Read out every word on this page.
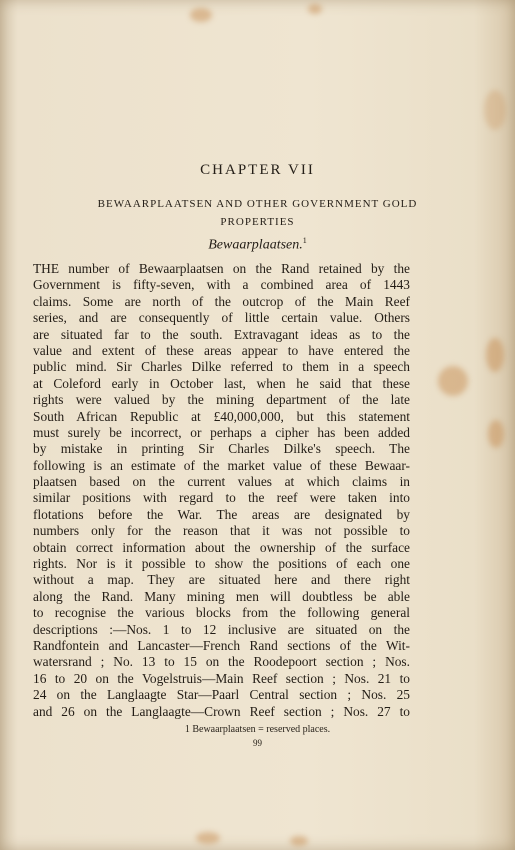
CHAPTER VII
BEWAARPLAATSEN AND OTHER GOVERNMENT GOLD
PROPERTIES
Bewaarplaatsen.$^1$
THE number of Bewaarplaatsen on the Rand retained by the
Government is fifty-seven, with a combined area of 1443
claims. Some are north of the outcrop of the Main Reef
series, and are consequently of little certain value. Others
are situated far to the south. Extravagant ideas as to the
value and extent of these areas appear to have entered the
public mind. Sir Charles Dilke referred to them in a speech
at Coleford early in October last, when he said that these
rights were valued by the mining department of the late
South African Republic at £40,000,000, but this statement
must surely be incorrect, or perhaps a cipher has been added
by mistake in printing Sir Charles Dilke's speech. The
following is an estimate of the market value of these Bewaar-
plaatsen based on the current values at which claims in
similar positions with regard to the reef were taken into
flotations before the War. The areas are designated by
numbers only for the reason that it was not possible to
obtain correct information about the ownership of the surface
rights. Nor is it possible to show the positions of each one
without a map. They are situated here and there right
along the Rand. Many mining men will doubtless be able
to recognise the various blocks from the following general
descriptions :—Nos. 1 to 12 inclusive are situated on the
Randfontein and Lancaster—French Rand sections of the Wit-
watersrand ; No. 13 to 15 on the Roodepoort section ; Nos.
16 to 20 on the Vogelstruis—Main Reef section ; Nos. 21 to
24 on the Langlaagte Star—Paarl Central section ; Nos. 25
and 26 on the Langlaagte—Crown Reef section ; Nos. 27 to
1 Bewaarplaatsen = reserved places.
99
